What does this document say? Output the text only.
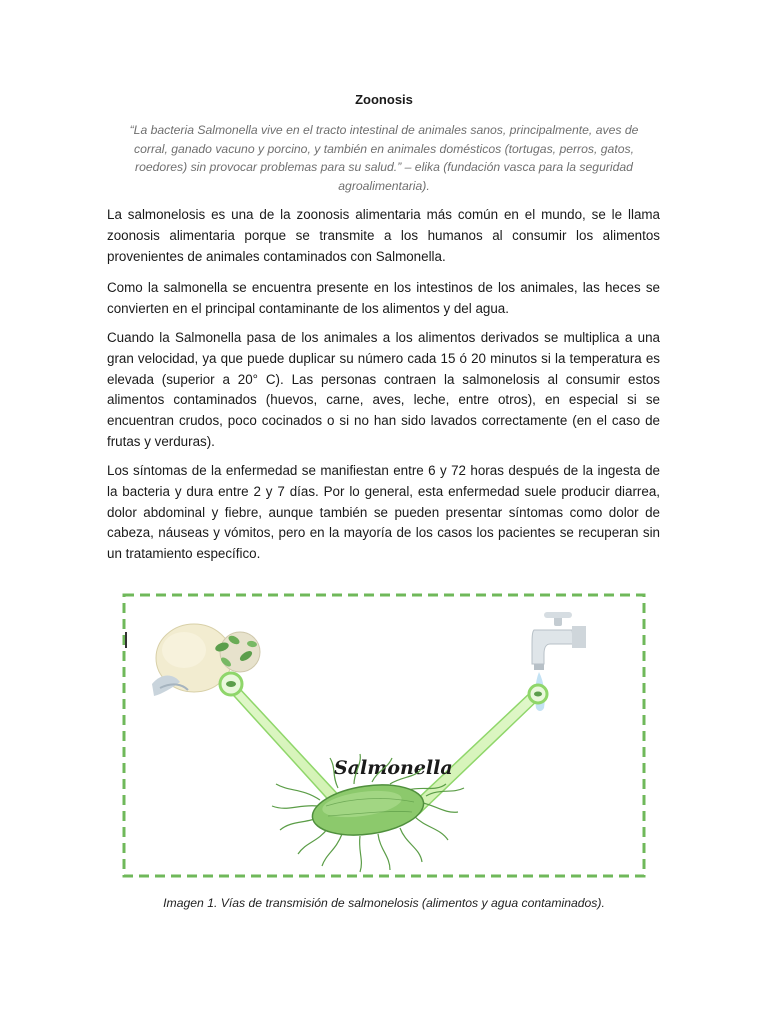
Zoonosis
“La bacteria Salmonella vive en el tracto intestinal de animales sanos, principalmente, aves de corral, ganado vacuno y porcino, y también en animales domésticos (tortugas, perros, gatos, roedores) sin provocar problemas para su salud.” – elika (fundación vasca para la seguridad agroalimentaria).

La salmonelosis es una de la zoonosis alimentaria más común en el mundo, se le llama zoonosis alimentaria porque se transmite a los humanos al consumir los alimentos provenientes de animales contaminados con Salmonella.

Como la salmonella se encuentra presente en los intestinos de los animales, las heces se convierten en el principal contaminante de los alimentos y del agua.

Cuando la Salmonella pasa de los animales a los alimentos derivados se multiplica a una gran velocidad, ya que puede duplicar su número cada 15 ó 20 minutos si la temperatura es elevada (superior a 20° C). Las personas contraen la salmonelosis al consumir estos alimentos contaminados (huevos, carne, aves, leche, entre otros), en especial si se encuentran crudos, poco cocinados o si no han sido lavados correctamente (en el caso de frutas y verduras).

Los síntomas de la enfermedad se manifiestan entre 6 y 72 horas después de la ingesta de la bacteria y dura entre 2 y 7 días. Por lo general, esta enfermedad suele producir diarrea, dolor abdominal y fiebre, aunque también se pueden presentar síntomas como dolor de cabeza, náuseas y vómitos, pero en la mayoría de los casos los pacientes se recuperan sin un tratamiento específico.

Salmonella
Imagen 1. Vías de transmisión de salmonelosis (alimentos y agua contaminados).
